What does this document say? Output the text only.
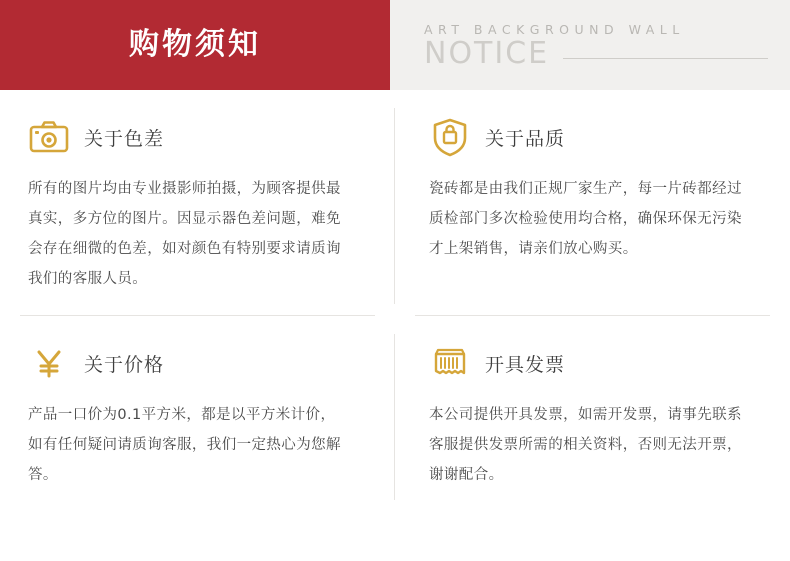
购物须知	ART BACKGROUND WALL
NOTICE
关于色差

所有的图片均由专业摄影师拍摄，为顾客提供最真实，多方位的图片。因显示器色差问题，难免会存在细微的色差，如对颜色有特别要求请质询我们的客服人员。

关于品质

瓷砖都是由我们正规厂家生产，每一片砖都经过质检部门多次检验使用均合格，确保环保无污染才上架销售，请亲们放心购买。

关于价格

产品一口价为0.1平方米，都是以平方米计价，如有任何疑问请质询客服，我们一定热心为您解答。

开具发票

本公司提供开具发票，如需开发票，请事先联系客服提供发票所需的相关资料，否则无法开票，谢谢配合。
